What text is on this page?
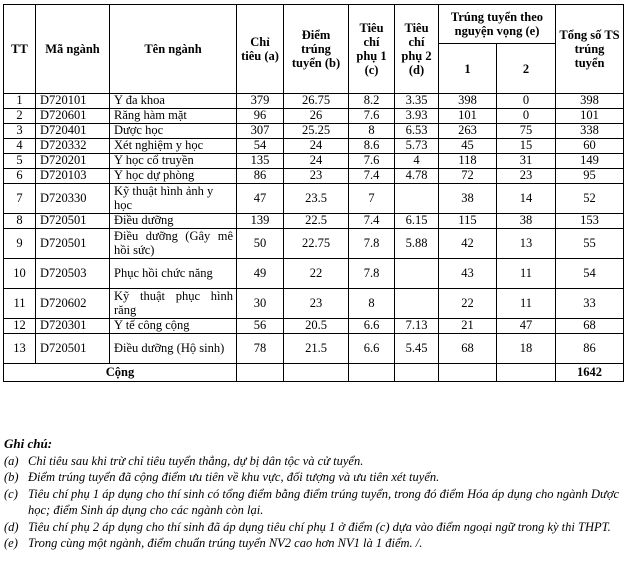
TT	Mã ngành	Tên ngành	Chỉ tiêu (a)	Điểm trúng tuyển (b)	Tiêu chí phụ 1 (c)	Tiêu chí phụ 2 (d)	Trúng tuyển theo nguyện vọng (e)		Tổng số TS trúng tuyển
							1	2	
1	D720101	Y đa khoa	379	26.75	8.2	3.35	398	0	398
2	D720601	Răng hàm mặt	96	26	7.6	3.93	101	0	101
3	D720401	Dược học	307	25.25	8	6.53	263	75	338
4	D720332	Xét nghiệm y học	54	24	8.6	5.73	45	15	60
5	D720201	Y học cổ truyền	135	24	7.6	4	118	31	149
6	D720103	Y học dự phòng	86	23	7.4	4.78	72	23	95
7	D720330	Kỹ thuật hình ảnh y học	47	23.5	7		38	14	52
8	D720501	Điều dưỡng	139	22.5	7.4	6.15	115	38	153
9	D720501	Điều dưỡng (Gây mê hồi sức)	50	22.75	7.8	5.88	42	13	55
10	D720503	Phục hồi chức năng	49	22	7.8		43	11	54
11	D720602	Kỹ thuật phục hình răng	30	23	8		22	11	33
12	D720301	Y tế công cộng	56	20.5	6.6	7.13	21	47	68
13	D720501	Điều dưỡng (Hộ sinh)	78	21.5	6.6	5.45	68	18	86
Cộng									1642
Ghi chú:
(a) Chỉ tiêu sau khi trừ chỉ tiêu tuyển thẳng, dự bị dân tộc và cử tuyển.
(b) Điểm trúng tuyển đã cộng điểm ưu tiên về khu vực, đối tượng và ưu tiên xét tuyển.
(c) Tiêu chí phụ 1 áp dụng cho thí sinh có tổng điểm bằng điểm trúng tuyển, trong đó điểm Hóa áp dụng cho ngành Dược học; điểm Sinh áp dụng cho các ngành còn lại.
(d) Tiêu chí phụ 2 áp dụng cho thí sinh đã áp dụng tiêu chí phụ 1 ở điểm (c) dựa vào điểm ngoại ngữ trong kỳ thi THPT.
(e) Trong cùng một ngành, điểm chuẩn trúng tuyển NV2 cao hơn NV1 là 1 điểm. /.
